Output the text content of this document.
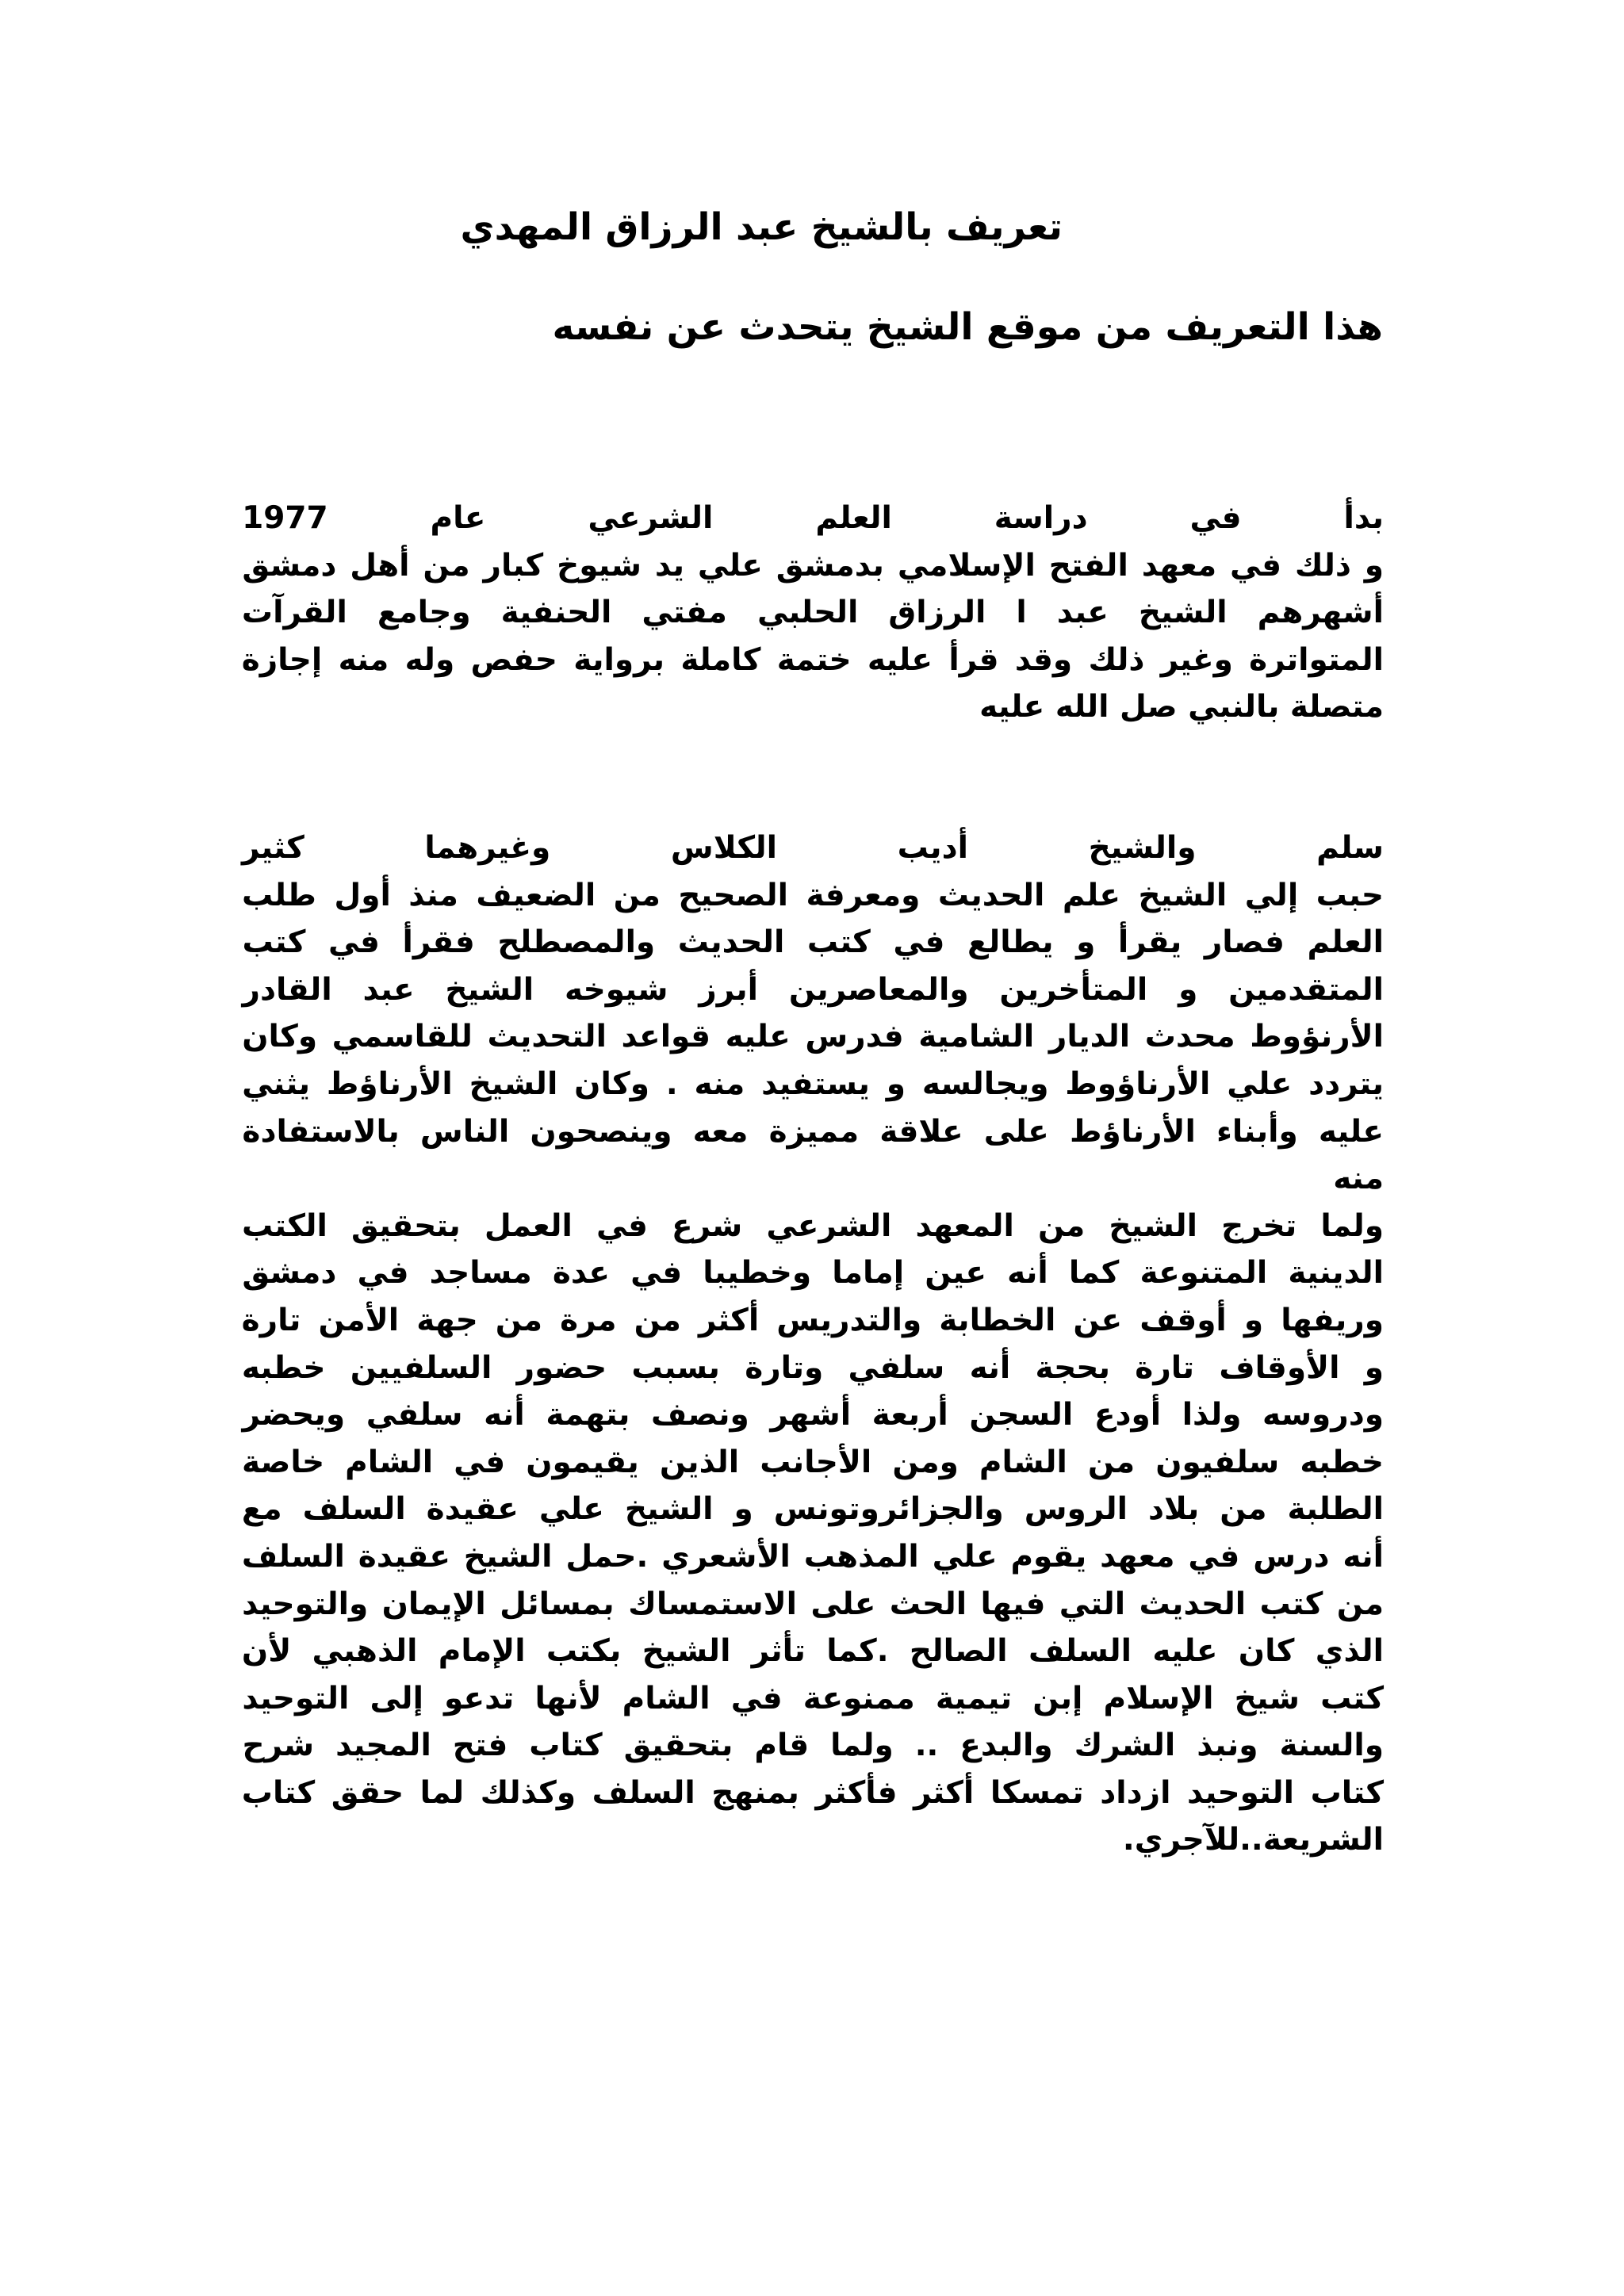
تعريف بالشيخ عبد الرزاق المهدي
هذا التعريف من موقع الشيخ يتحدث عن نفسه
بدأ
في
دراسة
العلم
الشرعي
عام
1977
و ذلك في معهد الفتح الإسلامي بدمشق علي يد شيوخ كبار من أهل دمشق
أشهرهم الشيخ عبد ا الرزاق الحلبي مفتي الحنفية وجامع القرآت
المتواترة وغير ذلك وقد قرأ عليه ختمة كاملة برواية حفص وله منه إجازة
متصلة بالنبي صل الله عليه
سلم
والشيخ
أديب
الكلاس
وغيرهما
كثير
حبب إلي الشيخ علم الحديث ومعرفة الصحيح من الضعيف منذ أول طلب
العلم فصار يقرأ و يطالع في كتب الحديث والمصطلح فقرأ في كتب
المتقدمين و المتأخرين والمعاصرين أبرز شيوخه الشيخ عبد القادر
الأرنؤوط محدث الديار الشامية فدرس عليه قواعد التحديث للقاسمي وكان
يتردد علي الأرناؤوط ويجالسه و يستفيد منه . وكان الشيخ الأرناؤط يثني
عليه وأبناء الأرناؤط على علاقة مميزة معه وينصحون الناس بالاستفادة
منه
ولما تخرج الشيخ من المعهد الشرعي شرع في العمل بتحقيق الكتب
الدينية المتنوعة كما أنه عين إماما وخطيبا في عدة مساجد في دمشق
وريفها و أوقف عن الخطابة والتدريس أكثر من مرة من جهة الأمن تارة
و الأوقاف تارة بحجة أنه سلفي وتارة بسبب حضور السلفيين خطبه
ودروسه ولذا أودع السجن أربعة أشهر ونصف بتهمة أنه سلفي ويحضر
خطبه سلفيون من الشام ومن الأجانب الذين يقيمون في الشام خاصة
الطلبة من بلاد الروس والجزائروتونس و الشيخ علي عقيدة السلف مع
أنه درس في معهد يقوم علي المذهب الأشعري .حمل الشيخ عقيدة السلف
من كتب الحديث التي فيها الحث على الاستمساك بمسائل الإيمان والتوحيد
الذي كان عليه السلف الصالح .كما تأثر الشيخ بكتب الإمام الذهبي لأن
كتب شيخ الإسلام إبن تيمية ممنوعة في الشام لأنها تدعو إلى التوحيد
والسنة ونبذ الشرك والبدع .. ولما قام بتحقيق كتاب فتح المجيد شرح
كتاب التوحيد ازداد تمسكا أكثر فأكثر بمنهج السلف وكذلك لما حقق كتاب
الشريعة..للآجري.
